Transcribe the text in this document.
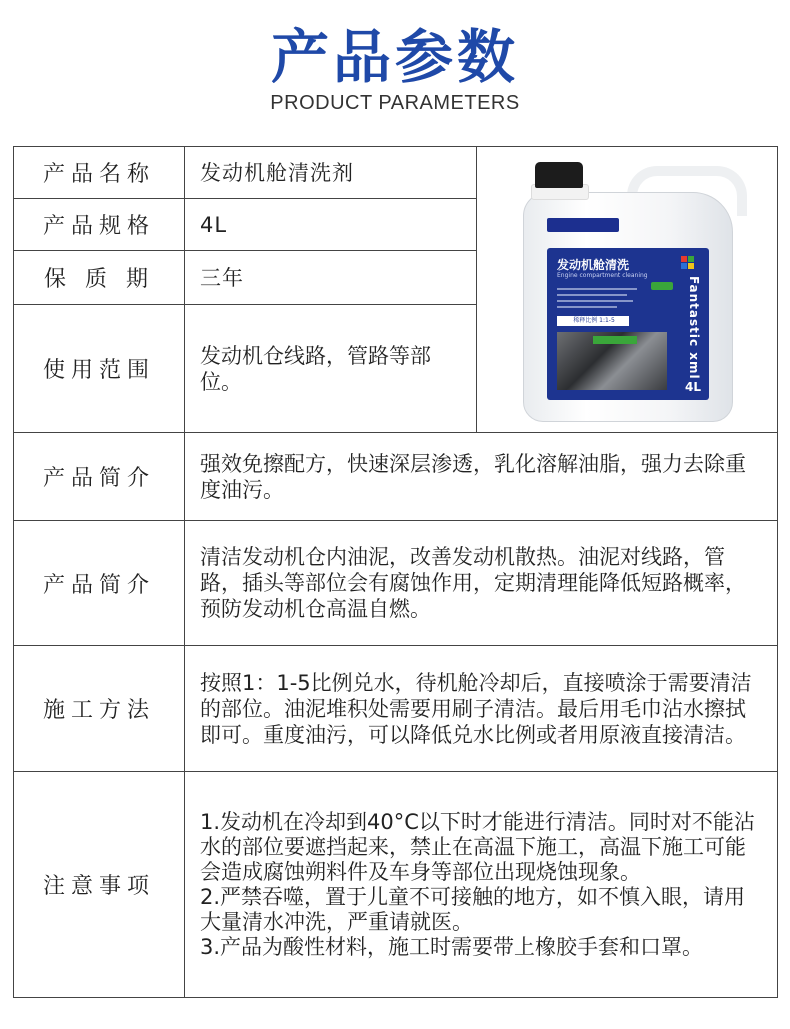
产品参数
PRODUCT PARAMETERS
产品名称	发动机舱清洗剂	发动机舱清洗
Engine compartment cleaning
稀释比例 1:1-5 Fantastic xml
4L

产品规格	4L	
保 质 期	三年	
使用范围	发动机仓线路，管路等部位。	
产品简介	强效免擦配方，快速深层渗透，乳化溶解油脂，强力去除重度油污。	
产品简介	清洁发动机仓内油泥，改善发动机散热。油泥对线路，管路，插头等部位会有腐蚀作用，定期清理能降低短路概率，预防发动机仓高温自燃。	
施工方法	按照1：1-5比例兑水，待机舱冷却后，直接喷涂于需要清洁的部位。油泥堆积处需要用刷子清洁。最后用毛巾沾水擦拭即可。重度油污，可以降低兑水比例或者用原液直接清洁。	
注意事项	1.发动机在冷却到40°C以下时才能进行清洁。同时对不能沾水的部位要遮挡起来，禁止在高温下施工，高温下施工可能会造成腐蚀朔料件及车身等部位出现烧蚀现象。
2.严禁吞噬，置于儿童不可接触的地方，如不慎入眼，请用大量清水冲洗，严重请就医。
3.产品为酸性材料，施工时需要带上橡胶手套和口罩。	
